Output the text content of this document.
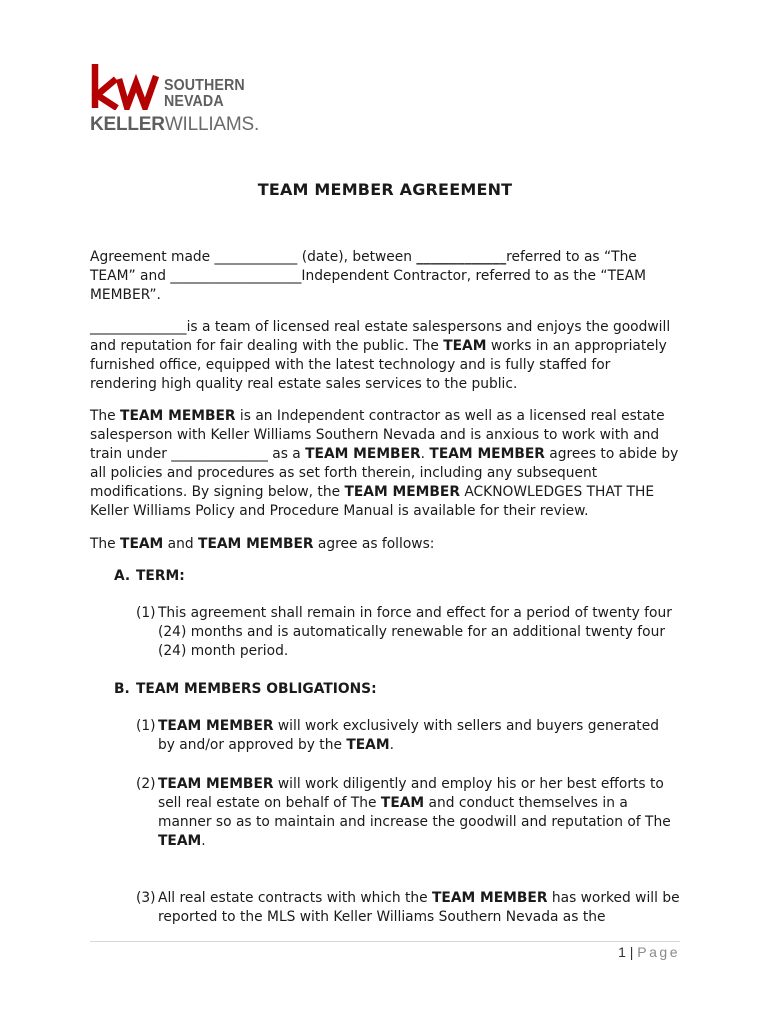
SOUTHERN
NEVADA
KELLERWILLIAMS.
TEAM MEMBER AGREEMENT

Agreement made ____________ (date), between _____________referred to as “The TEAM” and ___________________Independent Contractor, referred to as the “TEAM MEMBER”.

______________is a team of licensed real estate salespersons and enjoys the goodwill and reputation for fair dealing with the public. The TEAM works in an appropriately furnished office, equipped with the latest technology and is fully staffed for rendering high quality real estate sales services to the public.

The TEAM MEMBER is an Independent contractor as well as a licensed real estate salesperson with Keller Williams Southern Nevada and is anxious to work with and train under ______________ as a TEAM MEMBER. TEAM MEMBER agrees to abide by all policies and procedures as set forth therein, including any subsequent modifications. By signing below, the TEAM MEMBER ACKNOWLEDGES THAT THE Keller Williams Policy and Procedure Manual is available for their review.

The TEAM and TEAM MEMBER agree as follows:

A. TERM:
(1) This agreement shall remain in force and effect for a period of twenty four (24) months and is automatically renewable for an additional twenty four (24) month period.
B. TEAM MEMBERS OBLIGATIONS:
(1) TEAM MEMBER will work exclusively with sellers and buyers generated by and/or approved by the TEAM.
(2) TEAM MEMBER will work diligently and employ his or her best efforts to sell real estate on behalf of The TEAM and conduct themselves in a manner so as to maintain and increase the goodwill and reputation of The TEAM.
(3) All real estate contracts with which the TEAM MEMBER has worked will be reported to the MLS with Keller Williams Southern Nevada as the
1 | Page
